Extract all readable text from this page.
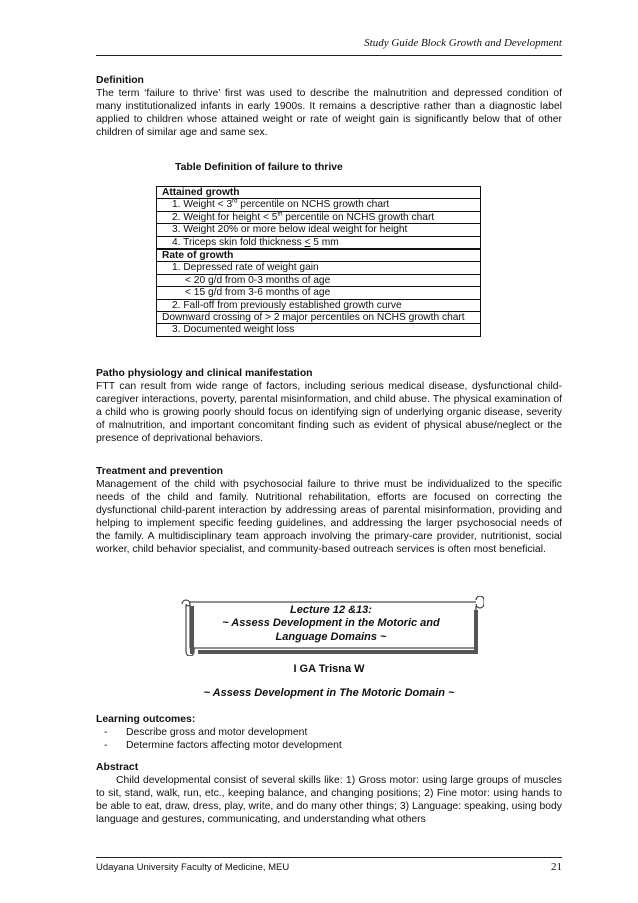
Study Guide Block Growth and Development
Definition
The term ‘failure to thrive’ first was used to describe the malnutrition and depressed condition of many institutionalized infants in early 1900s. It remains a descriptive rather than a diagnostic label applied to children whose attained weight or rate of weight gain is significantly below that of other children of similar age and same sex.
Table Definition of failure to thrive
Attained growth
1. Weight < 3rd percentile on NCHS growth chart
2. Weight for height < 5th percentile on NCHS growth chart
3. Weight 20% or more below ideal weight for height
4. Triceps skin fold thickness < 5 mm
Rate of growth
1. Depressed rate of weight gain
< 20 g/d from 0-3 months of age
< 15 g/d from 3-6 months of age
2. Fall-off from previously established growth curve
Downward crossing of > 2 major percentiles on NCHS growth chart
3. Documented weight loss
Patho physiology and clinical manifestation
FTT can result from wide range of factors, including serious medical disease, dysfunctional child-caregiver interactions, poverty, parental misinformation, and child abuse. The physical examination of a child who is growing poorly should focus on identifying sign of underlying organic disease, severity of malnutrition, and important concomitant finding such as evident of physical abuse/neglect or the presence of deprivational behaviors.
Treatment and prevention
Management of the child with psychosocial failure to thrive must be individualized to the specific needs of the child and family. Nutritional rehabilitation, efforts are focused on correcting the dysfunctional child-parent interaction by addressing areas of parental misinformation, providing and helping to implement specific feeding guidelines, and addressing the larger psychosocial needs of the family. A multidisciplinary team approach involving the primary-care provider, nutritionist, social worker, child behavior specialist, and community-based outreach services is often most beneficial.
Lecture 12 &13:
~ Assess Development in the Motoric and
Language Domains ~
I GA Trisna W
~ Assess Development in The Motoric Domain ~
Learning outcomes:
-	Describe gross and motor development
-	Determine factors affecting motor development
Abstract
Child developmental consist of several skills like: 1) Gross motor: using large groups of muscles to sit, stand, walk, run, etc., keeping balance, and changing positions; 2) Fine motor: using hands to be able to eat, draw, dress, play, write, and do many other things; 3) Language: speaking, using body language and gestures, communicating, and understanding what others
Udayana University Faculty of Medicine, MEU	21
